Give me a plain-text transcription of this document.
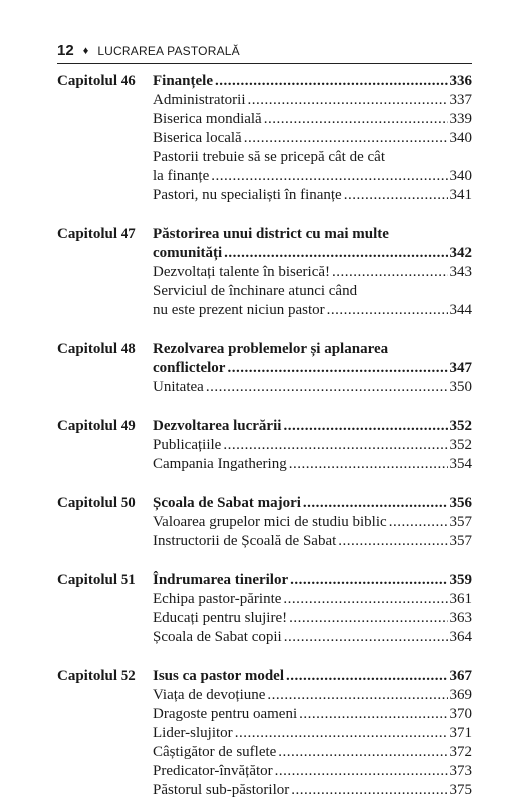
12 ♦ LUCRAREA PASTORALĂ
Capitolul 46	Finanțele .....	336
Administratorii .....	337
Biserica mondială .....	339
Biserica locală .....	340
Pastorii trebuie să se pricepă cât de cât
la finanțe .....	340
Pastori, nu specialiști în finanțe .....	341
Capitolul 47	Păstorirea unui district cu mai multe
comunități .....	342
Dezvoltați talente în biserică! .....	343
Serviciul de închinare atunci când
nu este prezent niciun pastor .....	344
Capitolul 48	Rezolvarea problemelor și aplanarea
conflictelor .....	347
Unitatea .....	350
Capitolul 49	Dezvoltarea lucrării .....	352
Publicațiile .....	352
Campania Ingathering .....	354
Capitolul 50	Școala de Sabat majori .....	356
Valoarea grupelor mici de studiu biblic .....	357
Instructorii de Școală de Sabat .....	357
Capitolul 51	Îndrumarea tinerilor .....	359
Echipa pastor-părinte .....	361
Educați pentru slujire! .....	363
Școala de Sabat copii .....	364
Capitolul 52	Isus ca pastor model .....	367
Viața de devoțiune .....	369
Dragoste pentru oameni .....	370
Lider-slujitor .....	371
Câștigător de suflete .....	372
Predicator-învățător .....	373
Păstorul sub-păstorilor .....	375
